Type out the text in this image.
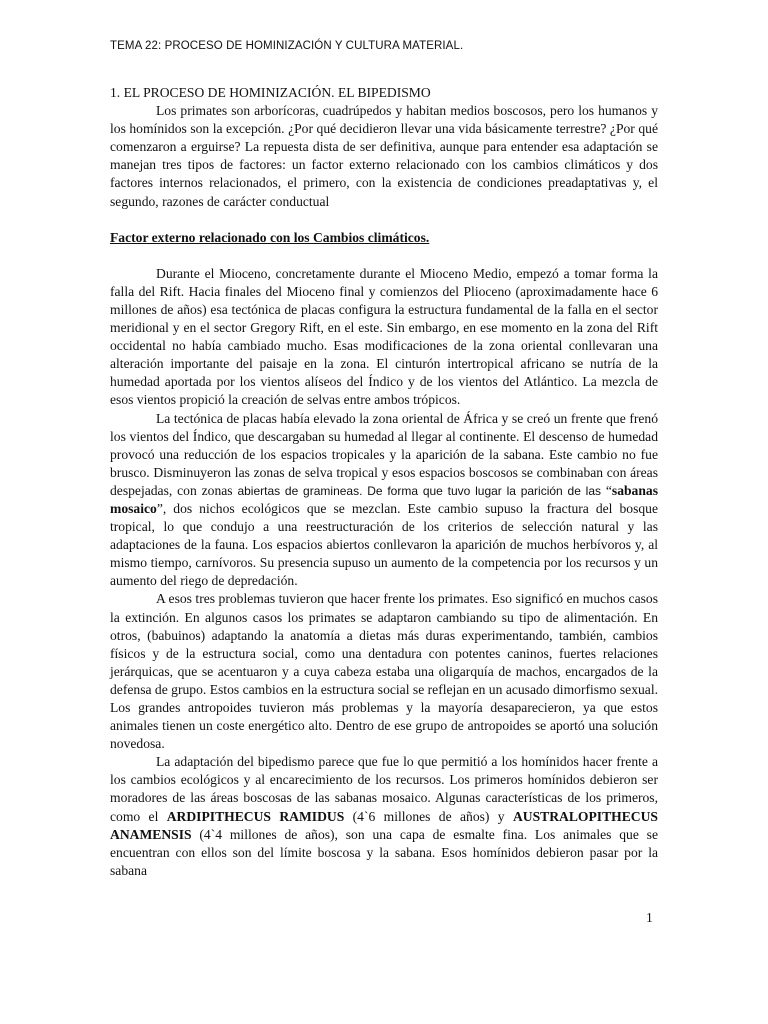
TEMA 22: PROCESO DE HOMINIZACIÓN Y CULTURA MATERIAL.

1. EL PROCESO DE HOMINIZACIÓN. EL BIPEDISMO

Los primates son arborícoras, cuadrúpedos y habitan medios boscosos, pero los humanos y los homínidos son la excepción. ¿Por qué decidieron llevar una vida básicamente terrestre? ¿Por qué comenzaron a erguirse? La repuesta dista de ser definitiva, aunque para entender esa adaptación se manejan tres tipos de factores: un factor externo relacionado con los cambios climáticos y dos factores internos relacionados, el primero, con la existencia de condiciones preadaptativas y, el segundo, razones de carácter conductual

Factor externo relacionado con los Cambios climáticos.

Durante el Mioceno, concretamente durante el Mioceno Medio, empezó a tomar forma la falla del Rift. Hacia finales del Mioceno final y comienzos del Plioceno (aproximadamente hace 6 millones de años) esa tectónica de placas configura la estructura fundamental de la falla en el sector meridional y en el sector Gregory Rift, en el este. Sin embargo, en ese momento en la zona del Rift occidental no había cambiado mucho. Esas modificaciones de la zona oriental conllevaran una alteración importante del paisaje en la zona. El cinturón intertropical africano se nutría de la humedad aportada por los vientos alíseos del Índico y de los vientos del Atlántico. La mezcla de esos vientos propició la creación de selvas entre ambos trópicos.

La tectónica de placas había elevado la zona oriental de África y se creó un frente que frenó los vientos del Índico, que descargaban su humedad al llegar al continente. El descenso de humedad provocó una reducción de los espacios tropicales y la aparición de la sabana. Este cambio no fue brusco. Disminuyeron las zonas de selva tropical y esos espacios boscosos se combinaban con áreas despejadas, con zonas abiertas de gramineas. De forma que tuvo lugar la parición de las “sabanas mosaico”, dos nichos ecológicos que se mezclan. Este cambio supuso la fractura del bosque tropical, lo que condujo a una reestructuración de los criterios de selección natural y las adaptaciones de la fauna. Los espacios abiertos conllevaron la aparición de muchos herbívoros y, al mismo tiempo, carnívoros. Su presencia supuso un aumento de la competencia por los recursos y un aumento del riego de depredación.

A esos tres problemas tuvieron que hacer frente los primates. Eso significó en muchos casos la extinción. En algunos casos los primates se adaptaron cambiando su tipo de alimentación. En otros, (babuinos) adaptando la anatomía a dietas más duras experimentando, también, cambios físicos y de la estructura social, como una dentadura con potentes caninos, fuertes relaciones jerárquicas, que se acentuaron y a cuya cabeza estaba una oligarquía de machos, encargados de la defensa de grupo. Estos cambios en la estructura social se reflejan en un acusado dimorfismo sexual. Los grandes antropoides tuvieron más problemas y la mayoría desaparecieron, ya que estos animales tienen un coste energético alto. Dentro de ese grupo de antropoides se aportó una solución novedosa.

La adaptación del bipedismo parece que fue lo que permitió a los homínidos hacer frente a los cambios ecológicos y al encarecimiento de los recursos. Los primeros homínidos debieron ser moradores de las áreas boscosas de las sabanas mosaico. Algunas características de los primeros, como el ARDIPITHECUS RAMIDUS (4`6 millones de años) y AUSTRALOPITHECUS ANAMENSIS (4`4 millones de años), son una capa de esmalte fina. Los animales que se encuentran con ellos son del límite boscosa y la sabana. Esos homínidos debieron pasar por la sabana

1
